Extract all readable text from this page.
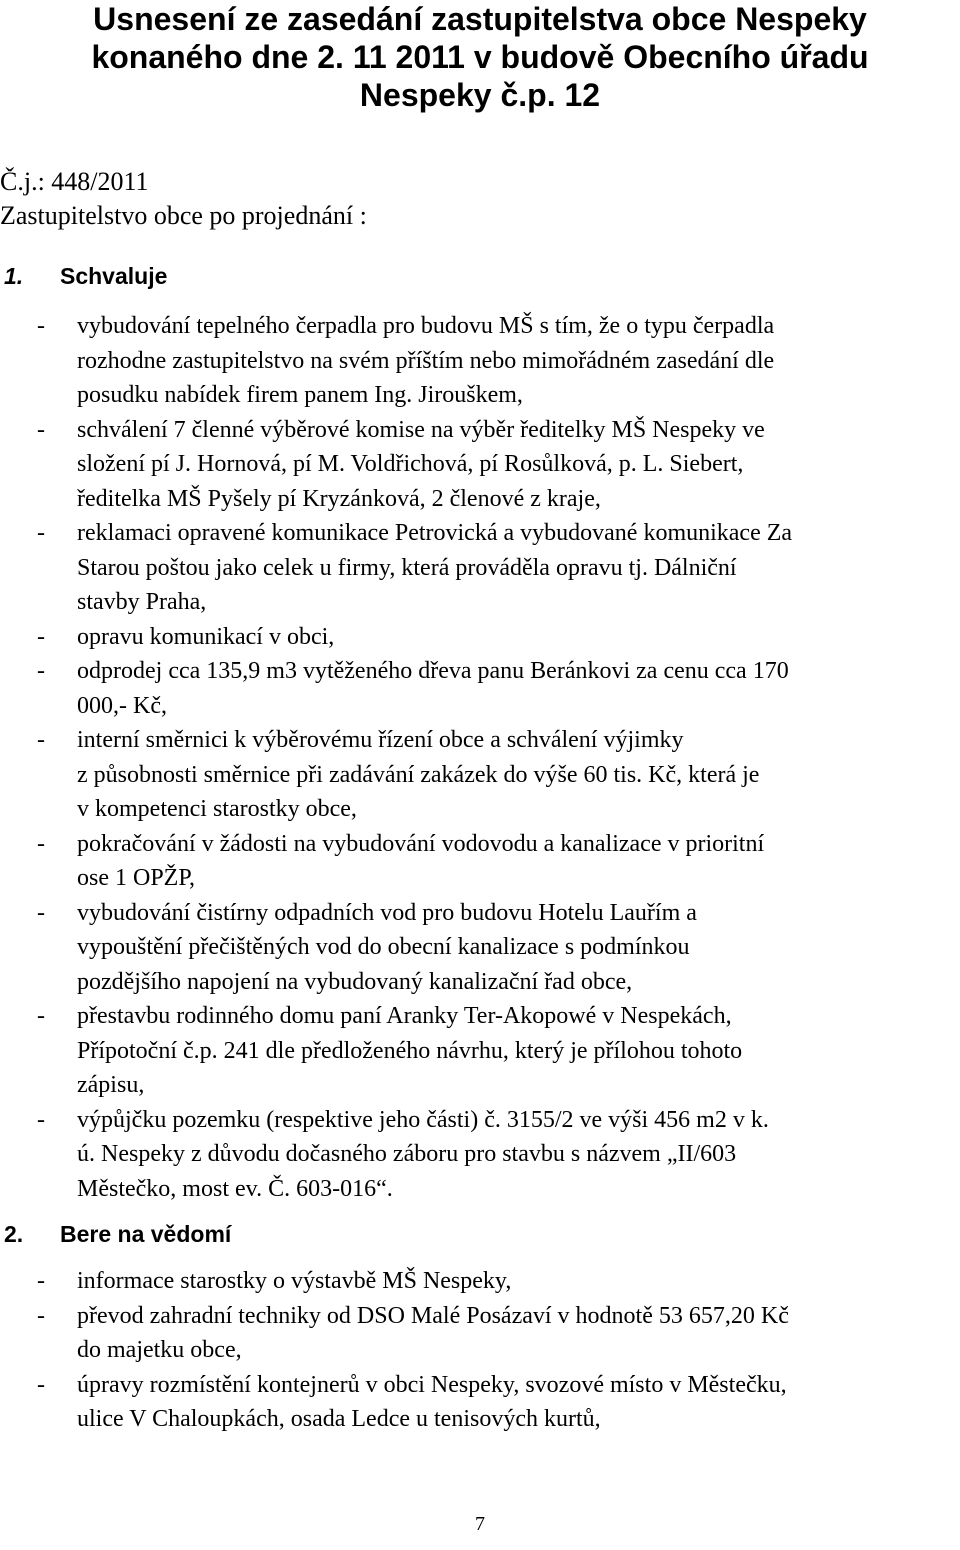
Usnesení ze zasedání zastupitelstva obce Nespeky
konaného dne 2. 11 2011 v budově Obecního úřadu
Nespeky č.p. 12
Č.j.: 448/2011
Zastupitelstvo obce po projednání :
1. Schvaluje
- vybudování tepelného čerpadla pro budovu MŠ s tím, že o typu čerpadla
rozhodne zastupitelstvo na svém příštím nebo mimořádném zasedání dle
posudku nabídek firem panem Ing. Jirouškem,
- schválení 7 členné výběrové komise na výběr ředitelky MŠ Nespeky ve
složení pí J. Hornová, pí M. Voldřichová, pí Rosůlková, p. L. Siebert,
ředitelka MŠ Pyšely pí Kryzánková, 2 členové z kraje,
- reklamaci opravené komunikace Petrovická a vybudované komunikace Za
Starou poštou jako celek u firmy, která prováděla opravu tj. Dálniční
stavby Praha,
- opravu komunikací v obci,
- odprodej cca 135,9 m3 vytěženého dřeva panu Beránkovi za cenu cca 170
000,- Kč,
- interní směrnici k výběrovému řízení obce a schválení výjimky
z působnosti směrnice při zadávání zakázek do výše 60 tis. Kč, která je
v kompetenci starostky obce,
- pokračování v žádosti na vybudování vodovodu a kanalizace v prioritní
ose 1 OPŽP,
- vybudování čistírny odpadních vod pro budovu Hotelu Lauřím a
vypouštění přečištěných vod do obecní kanalizace s podmínkou
pozdějšího napojení na vybudovaný kanalizační řad obce,
- přestavbu rodinného domu paní Aranky Ter-Akopowé v Nespekách,
Přípotoční č.p. 241 dle předloženého návrhu, který je přílohou tohoto
zápisu,
- výpůjčku pozemku (respektive jeho části) č. 3155/2 ve výši 456 m2 v k.
ú. Nespeky z důvodu dočasného záboru pro stavbu s názvem „II/603
Městečko, most ev. Č. 603-016“.
2. Bere na vědomí
- informace starostky o výstavbě MŠ Nespeky,
- převod zahradní techniky od DSO Malé Posázaví v hodnotě 53 657,20 Kč
do majetku obce,
- úpravy rozmístění kontejnerů v obci Nespeky, svozové místo v Městečku,
ulice V Chaloupkách, osada Ledce u tenisových kurtů,
7
